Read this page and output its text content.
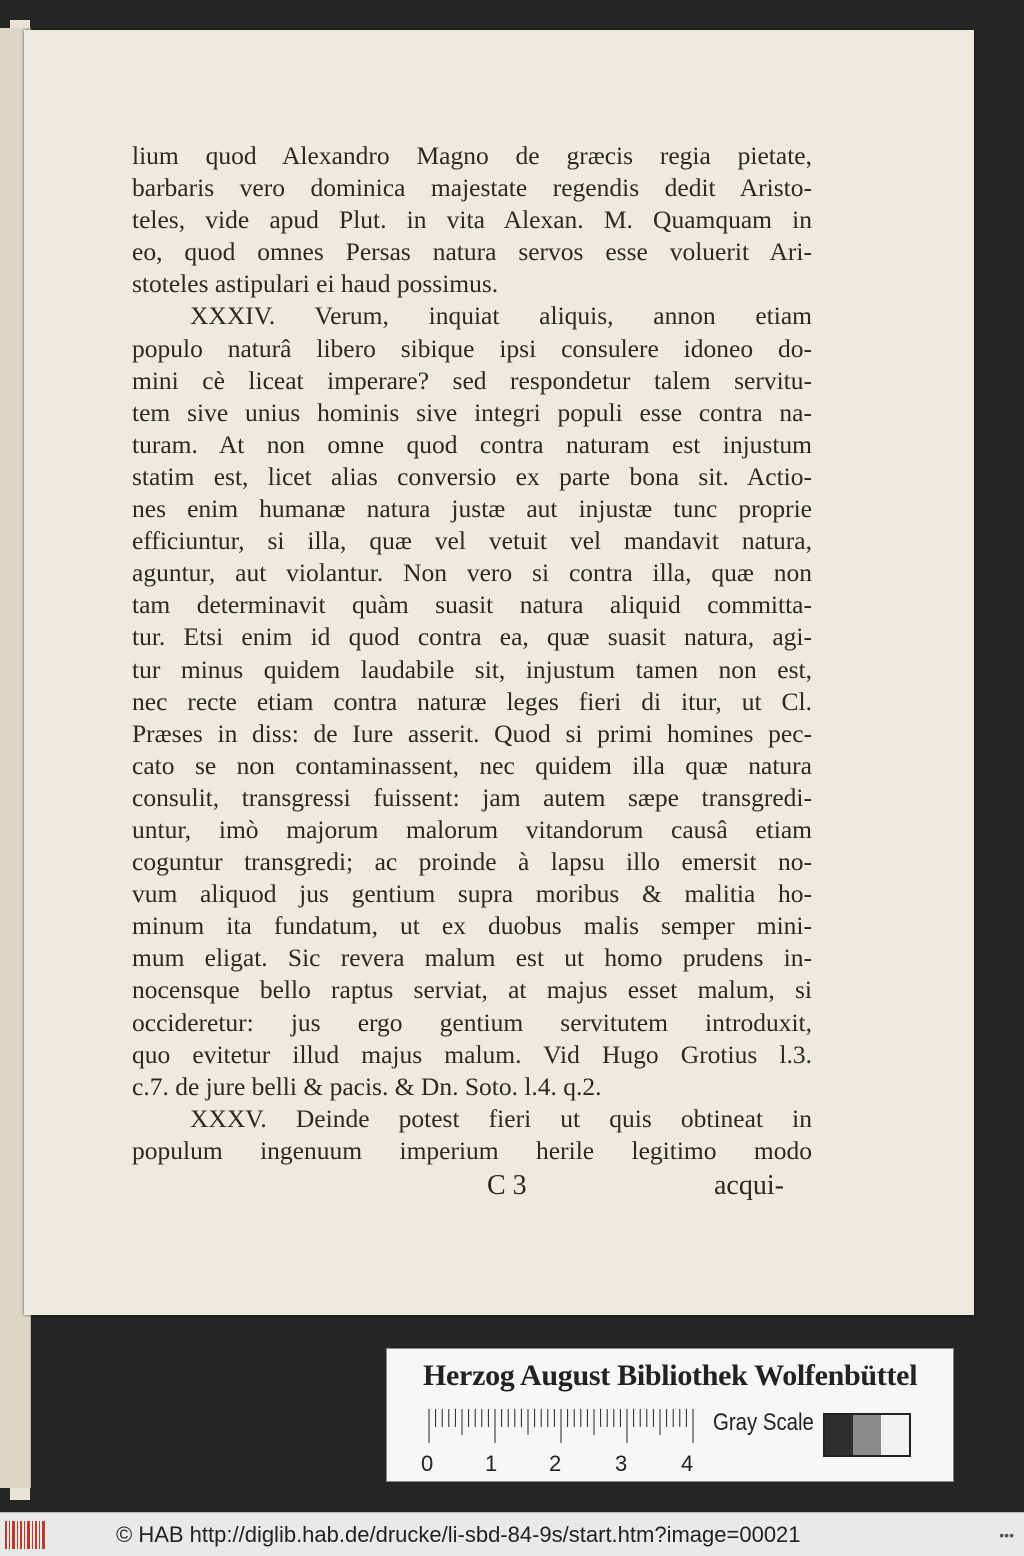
lium quod Alexandro Magno de græcis regia pietate,
barbaris vero dominica majestate regendis dedit Aristo-
teles, vide apud Plut. in vita Alexan. M. Quamquam in
eo, quod omnes Persas natura servos esse voluerit Ari-
stoteles astipulari ei haud possimus.
XXXIV. Verum, inquiat aliquis, annon etiam
populo naturâ libero sibique ipsi consulere idoneo do-
mini cè liceat imperare? sed respondetur talem servitu-
tem sive unius hominis sive integri populi esse contra na-
turam. At non omne quod contra naturam est injustum
statim est, licet alias conversio ex parte bona sit. Actio-
nes enim humanæ natura justæ aut injustæ tunc proprie
efficiuntur, si illa, quæ vel vetuit vel mandavit natura,
aguntur, aut violantur. Non vero si contra illa, quæ non
tam determinavit quàm suasit natura aliquid committa-
tur. Etsi enim id quod contra ea, quæ suasit natura, agi-
tur minus quidem laudabile sit, injustum tamen non est,
nec recte etiam contra naturæ leges fieri di itur, ut Cl.
Præses in diss: de Iure asserit. Quod si primi homines pec-
cato se non contaminassent, nec quidem illa quæ natura
consulit, transgressi fuissent: jam autem sæpe transgredi-
untur, imò majorum malorum vitandorum causâ etiam
coguntur transgredi; ac proinde à lapsu illo emersit no-
vum aliquod jus gentium supra moribus & malitia ho-
minum ita fundatum, ut ex duobus malis semper mini-
mum eligat. Sic revera malum est ut homo prudens in-
nocensque bello raptus serviat, at majus esset malum, si
occideretur: jus ergo gentium servitutem introduxit,
quo evitetur illud majus malum. Vid Hugo Grotius l.3.
c.7. de jure belli & pacis. & Dn. Soto. l.4. q.2.
XXXV. Deinde potest fieri ut quis obtineat in
populum ingenuum imperium herile legitimo modo
C 3	acqui-
Herzog August Bibliothek Wolfenbüttel
0 1 2 3 4
Gray Scale
© HAB http://diglib.hab.de/drucke/li-sbd-84-9s/start.htm?image=00021	•••
